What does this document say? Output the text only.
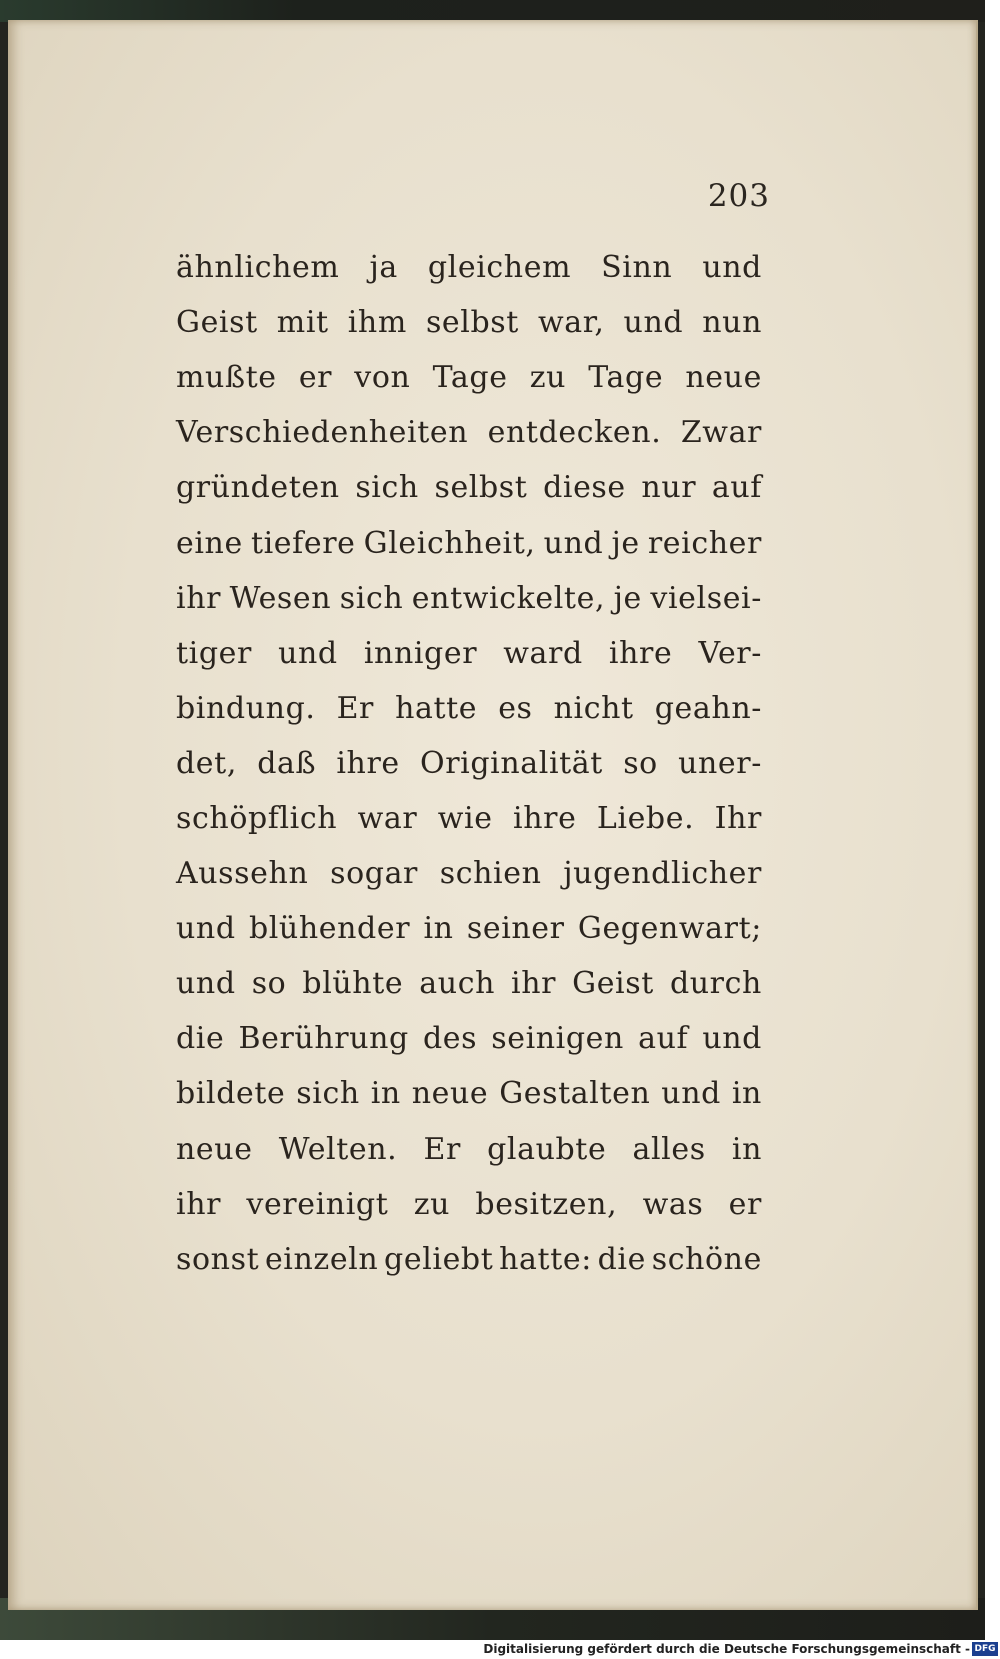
203
ähnlichem ja gleichem Sinn und
Geist mit ihm selbst war, und nun
mußte er von Tage zu Tage neue
Verschiedenheiten entdecken. Zwar
gründeten sich selbst diese nur auf
eine tiefere Gleichheit, und je reicher
ihr Wesen sich entwickelte, je vielsei-
tiger und inniger ward ihre Ver-
bindung. Er hatte es nicht geahn-
det, daß ihre Originalität so uner-
schöpflich war wie ihre Liebe. Ihr
Aussehn sogar schien jugendlicher
und blühender in seiner Gegenwart;
und so blühte auch ihr Geist durch
die Berührung des seinigen auf und
bildete sich in neue Gestalten und in
neue Welten. Er glaubte alles in
ihr vereinigt zu besitzen, was er
sonst einzeln geliebt hatte: die schöne
Digitalisierung gefördert durch die Deutsche Forschungsgemeinschaft - DFG
